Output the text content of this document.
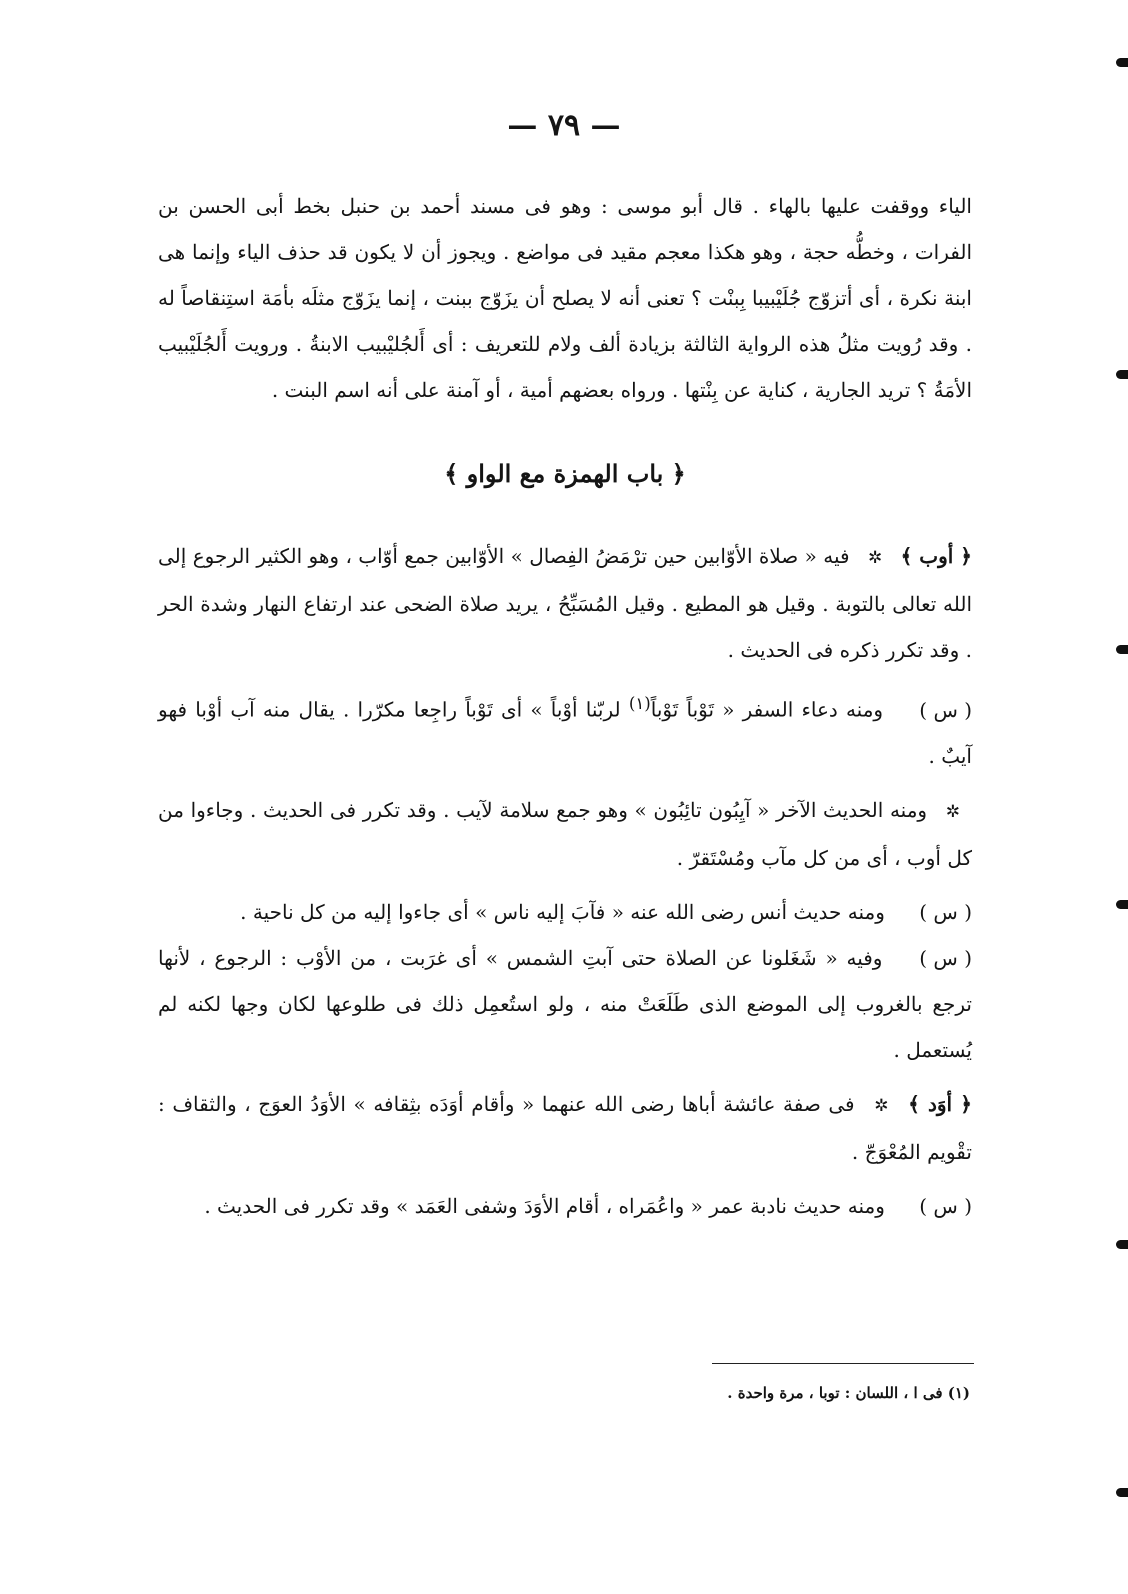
— ٧٩ —

الياء ووقفت عليها بالهاء . قال أبو موسى : وهو فى مسند أحمد بن حنبل بخط أبى الحسن بن الفرات ، وخطُّه حجة ، وهو هكذا معجم مقيد فى مواضع . ويجوز أن لا يكون قد حذف الياء وإنما هى ابنة نكرة ، أى أتزوّج جُلَيْبيبا بِبنْت ؟ تعنى أنه لا يصلح أن يزَوّج ببنت ، إنما يزَوّج مثلَه بأمَة استِنقاصاً له . وقد رُويت مثلُ هذه الرواية الثالثة بزيادة ألف ولام للتعريف : أى أَلجُليْبيب الابنةُ . ورويت أَلجُلَيْبيب الأمَةُ ؟ تريد الجارية ، كناية عن بِنْتها . ورواه بعضهم أمية ، أو آمنة على أنه اسم البنت .

﴿ باب الهمزة مع الواو ﴾

﴿ أوب ﴾ ✲ فيه « صلاة الأوّابين حين ترْمَضُ الفِصال » الأوّابين جمع أوّاب ، وهو الكثير الرجوع إلى الله تعالى بالتوبة . وقيل هو المطيع . وقيل المُسَبِّحُ ، يريد صلاة الضحى عند ارتفاع النهار وشدة الحر . وقد تكرر ذكره فى الحديث .

( س ) ومنه دعاء السفر « تَوْباً تَوْباً$^{(١)}$ لربّنا أوْباً » أى تَوْباً راجِعا مكرّرا . يقال منه آب أوْبا فهو آيبٌ .

✲ ومنه الحديث الآخر « آيِبُون تائِبُون » وهو جمع سلامة لآيب . وقد تكرر فى الحديث . وجاءوا من كل أوب ، أى من كل مآب ومُسْتَقرّ .

( س ) ومنه حديث أنس رضى الله عنه « فآبَ إليه ناس » أى جاءوا إليه من كل ناحية .

( س ) وفيه « شَغَلونا عن الصلاة حتى آبتِ الشمس » أى غرَبت ، من الأوْب : الرجوع ، لأنها ترجع بالغروب إلى الموضع الذى طَلَعَتْ منه ، ولو استُعمِل ذلك فى طلوعها لكان وجها لكنه لم يُستعمل .

﴿ أوَد ﴾ ✲ فى صفة عائشة أباها رضى الله عنهما « وأقام أوَدَه بثِقافه » الأوَدُ العوَج ، والثقاف : تقْويم المُعْوَجّ .

( س ) ومنه حديث نادبة عمر « واعُمَراه ، أقام الأوَدَ وشفى العَمَد » وقد تكرر فى الحديث .

(١) فى ا ، اللسان : توبا ، مرة واحدة .
